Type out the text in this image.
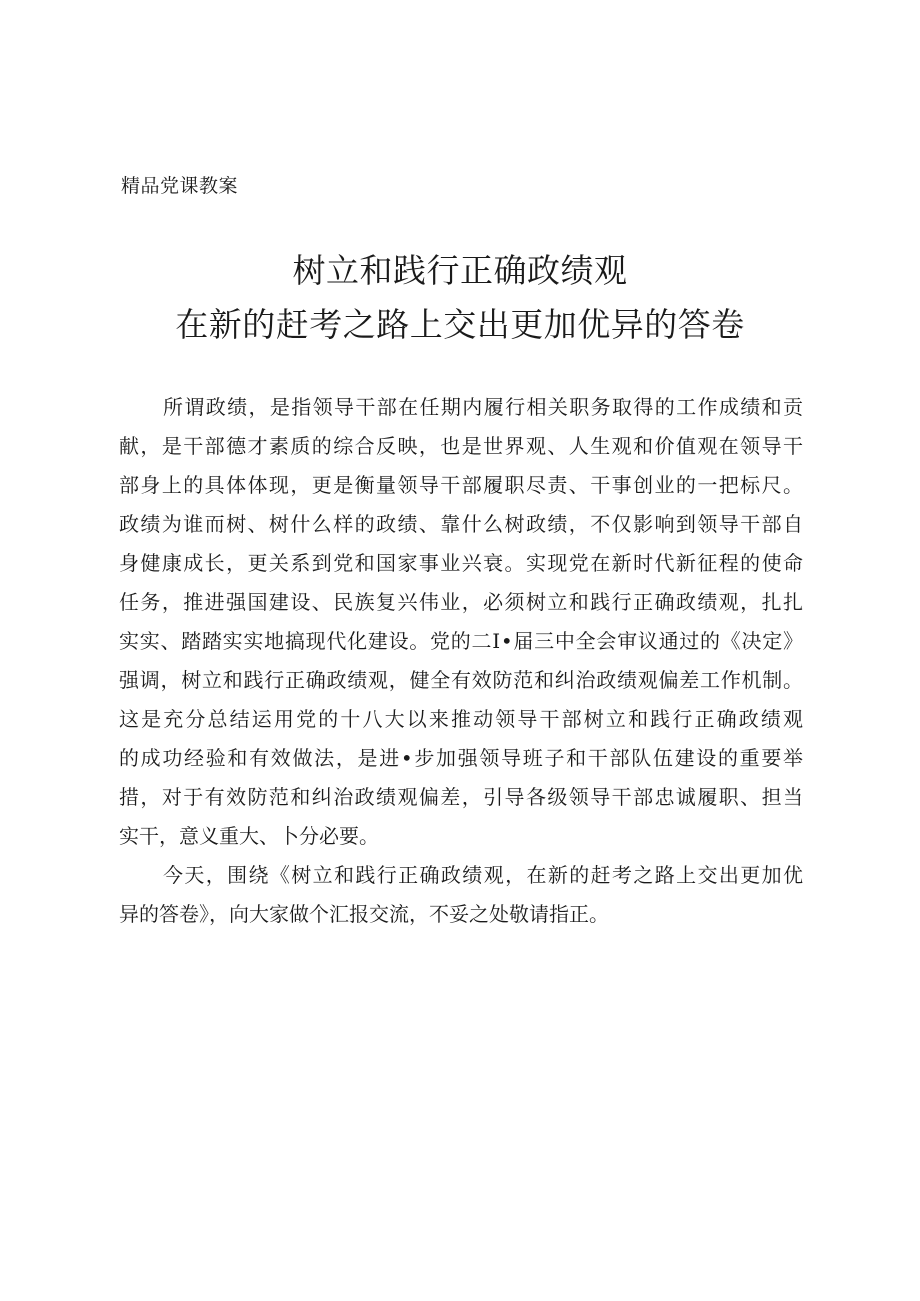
精品党课教案
树立和践行正确政绩观
在新的赶考之路上交出更加优异的答卷
所谓政绩，是指领导干部在任期内履行相关职务取得的工作成绩和贡
献，是干部德才素质的综合反映，也是世界观、人生观和价值观在领导干
部身上的具体体现，更是衡量领导干部履职尽责、干事创业的一把标尺。
政绩为谁而树、树什么样的政绩、靠什么树政绩，不仅影响到领导干部自
身健康成长，更关系到党和国家事业兴衰。实现党在新时代新征程的使命
任务，推进强国建设、民族复兴伟业，必须树立和践行正确政绩观，扎扎
实实、踏踏实实地搞现代化建设。党的二Ⅰ•届三中全会审议通过的《决定》
强调，树立和践行正确政绩观，健全有效防范和纠治政绩观偏差工作机制。
这是充分总结运用党的十八大以来推动领导干部树立和践行正确政绩观
的成功经验和有效做法，是进•步加强领导班子和干部队伍建设的重要举
措，对于有效防范和纠治政绩观偏差，引导各级领导干部忠诚履职、担当
实干，意义重大、卜分必要。
今天，围绕《树立和践行正确政绩观，在新的赶考之路上交出更加优
异的答卷》，向大家做个汇报交流，不妥之处敬请指正。
